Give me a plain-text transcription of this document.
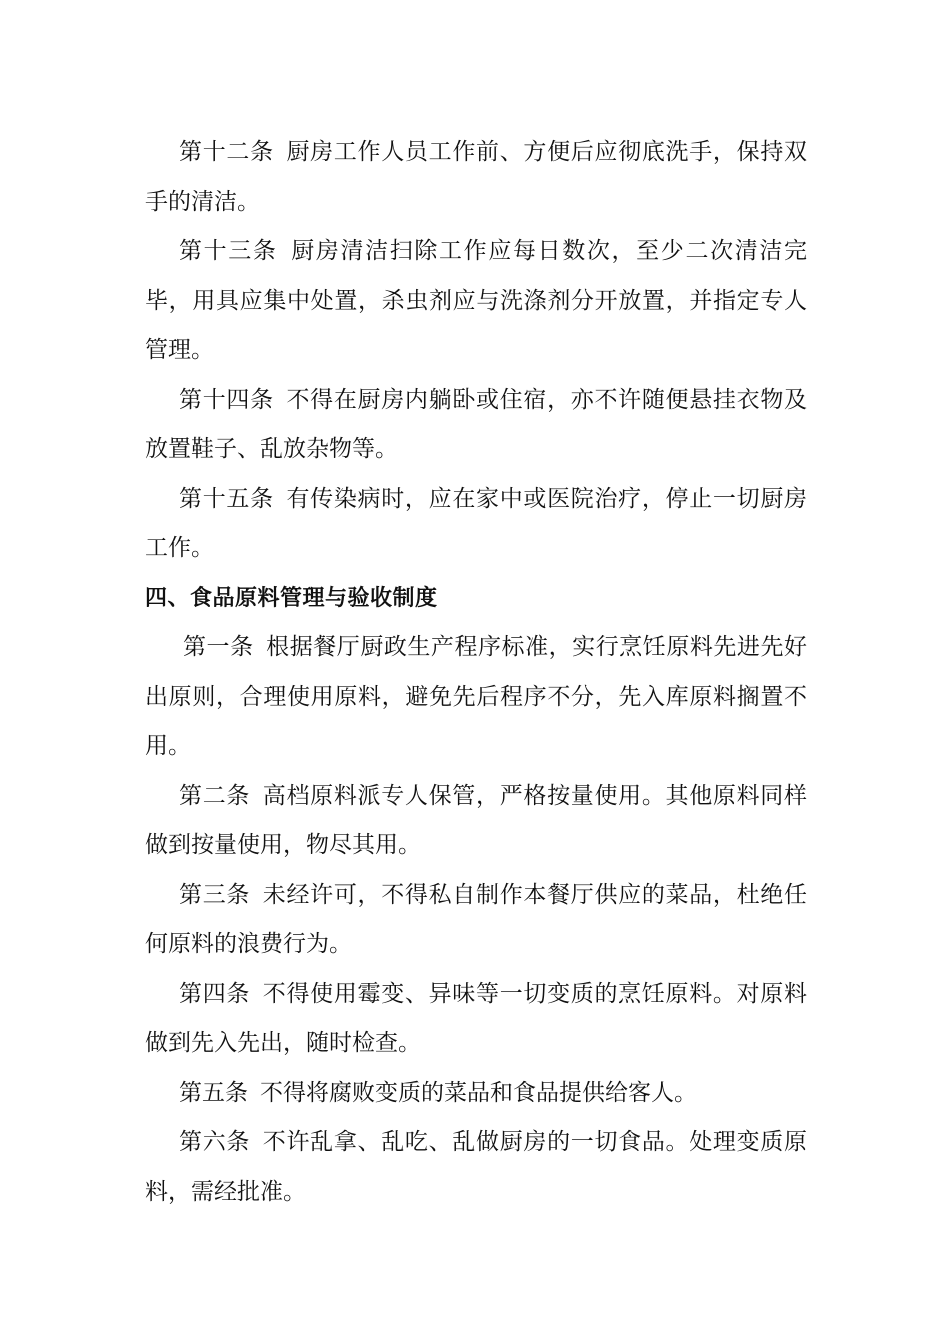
第十二条 厨房工作人员工作前、方便后应彻底洗手，保持双手的清洁。

第十三条 厨房清洁扫除工作应每日数次，至少二次清洁完毕，用具应集中处置，杀虫剂应与洗涤剂分开放置，并指定专人管理。

第十四条 不得在厨房内躺卧或住宿，亦不许随便悬挂衣物及放置鞋子、乱放杂物等。

第十五条 有传染病时，应在家中或医院治疗，停止一切厨房工作。

四、食品原料管理与验收制度

第一条 根据餐厅厨政生产程序标准，实行烹饪原料先进先好出原则，合理使用原料，避免先后程序不分，先入库原料搁置不用。

第二条 高档原料派专人保管，严格按量使用。其他原料同样做到按量使用，物尽其用。

第三条 未经许可，不得私自制作本餐厅供应的菜品，杜绝任何原料的浪费行为。

第四条 不得使用霉变、异味等一切变质的烹饪原料。对原料做到先入先出，随时检查。

第五条 不得将腐败变质的菜品和食品提供给客人。

第六条 不许乱拿、乱吃、乱做厨房的一切食品。处理变质原料，需经批准。
